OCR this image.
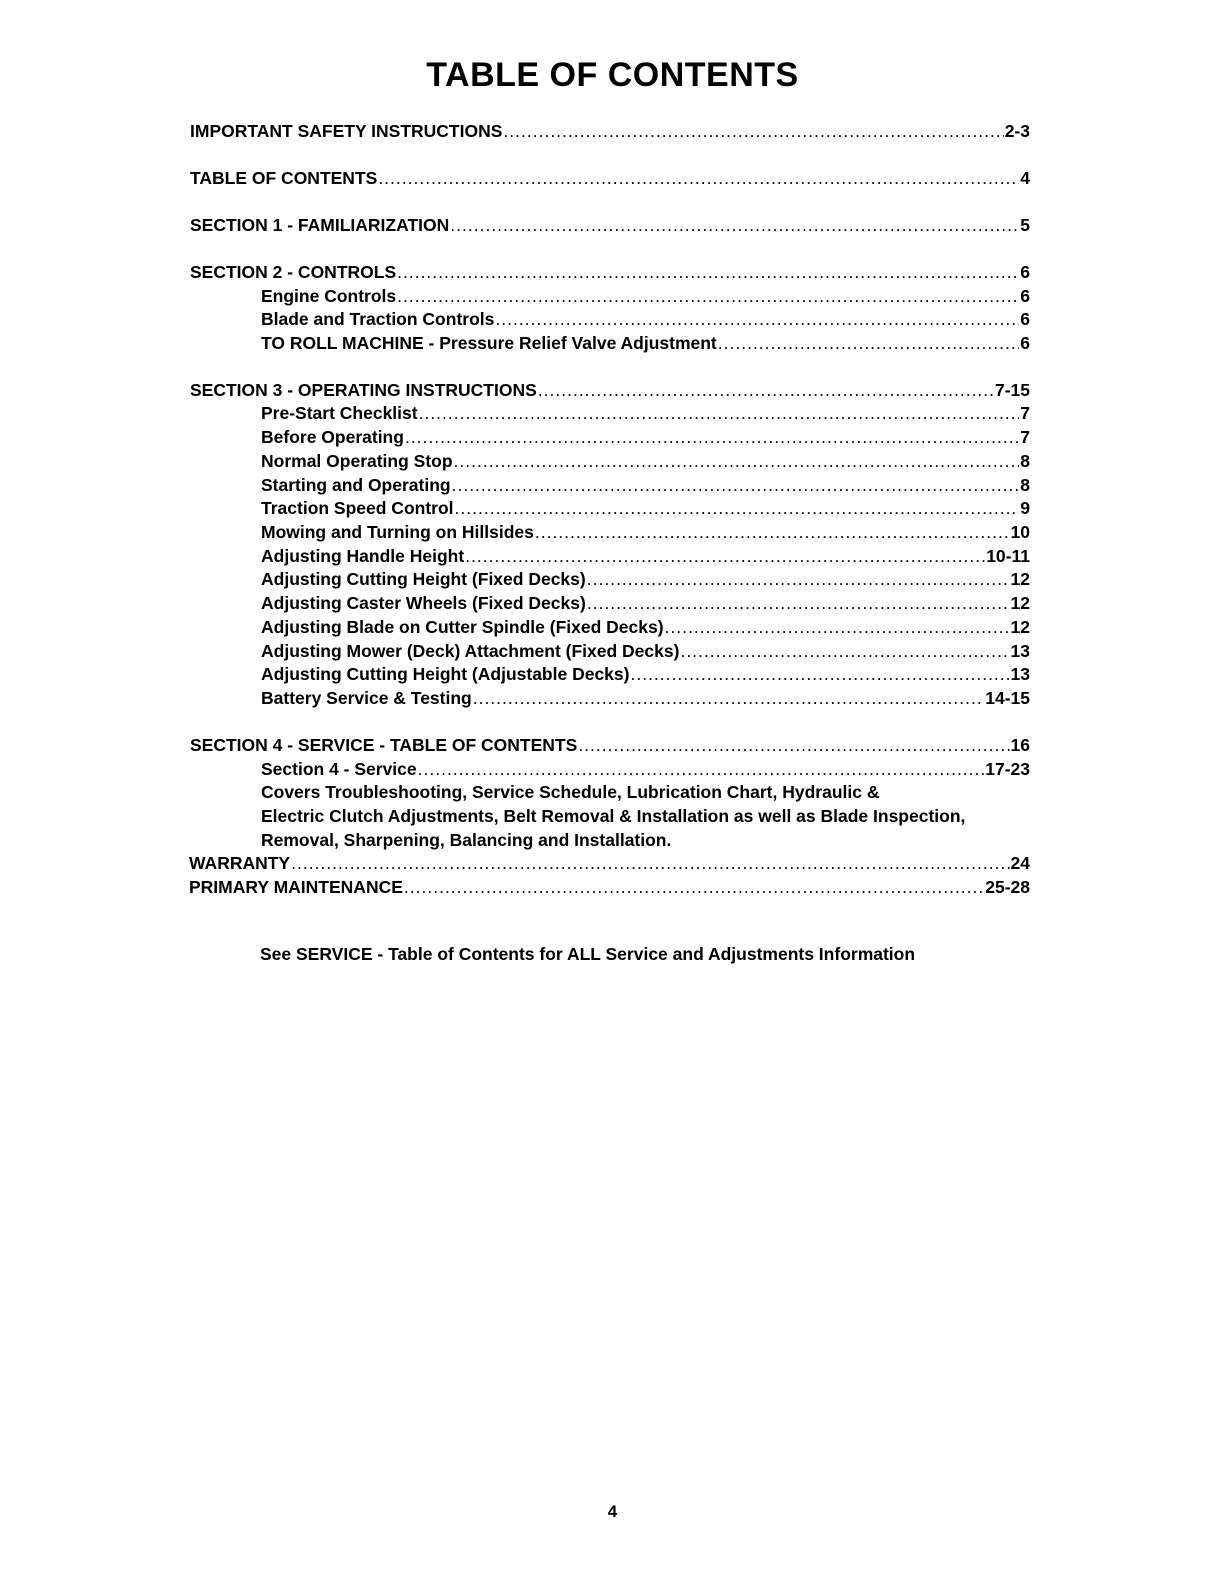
TABLE OF CONTENTS
IMPORTANT SAFETY INSTRUCTIONS .....	2-3
TABLE OF CONTENTS .....	4
SECTION 1 - FAMILIARIZATION .....	5
SECTION 2 - CONTROLS .....	6
Engine Controls .....	6
Blade and Traction Controls .....	6
TO ROLL MACHINE - Pressure Relief Valve Adjustment .....	6
SECTION 3 - OPERATING INSTRUCTIONS .....	7-15
Pre-Start Checklist .....	7
Before Operating .....	7
Normal Operating Stop .....	8
Starting and Operating .....	8
Traction Speed Control .....	9
Mowing and Turning on Hillsides .....	10
Adjusting Handle Height .....	10-11
Adjusting Cutting Height (Fixed Decks) .....	12
Adjusting Caster Wheels (Fixed Decks) .....	12
Adjusting Blade on Cutter Spindle (Fixed Decks) .....	12
Adjusting Mower (Deck) Attachment (Fixed Decks) .....	13
Adjusting Cutting Height (Adjustable Decks) .....	13
Battery Service & Testing .....	14-15
SECTION 4 - SERVICE - TABLE OF CONTENTS .....	16
Section 4 - Service .....	17-23
Covers Troubleshooting, Service Schedule, Lubrication Chart, Hydraulic &
Electric Clutch Adjustments, Belt Removal & Installation as well as Blade Inspection,
Removal, Sharpening, Balancing and Installation.
WARRANTY .....	24
PRIMARY MAINTENANCE .....	25-28
See SERVICE - Table of Contents for ALL Service and Adjustments Information
4
